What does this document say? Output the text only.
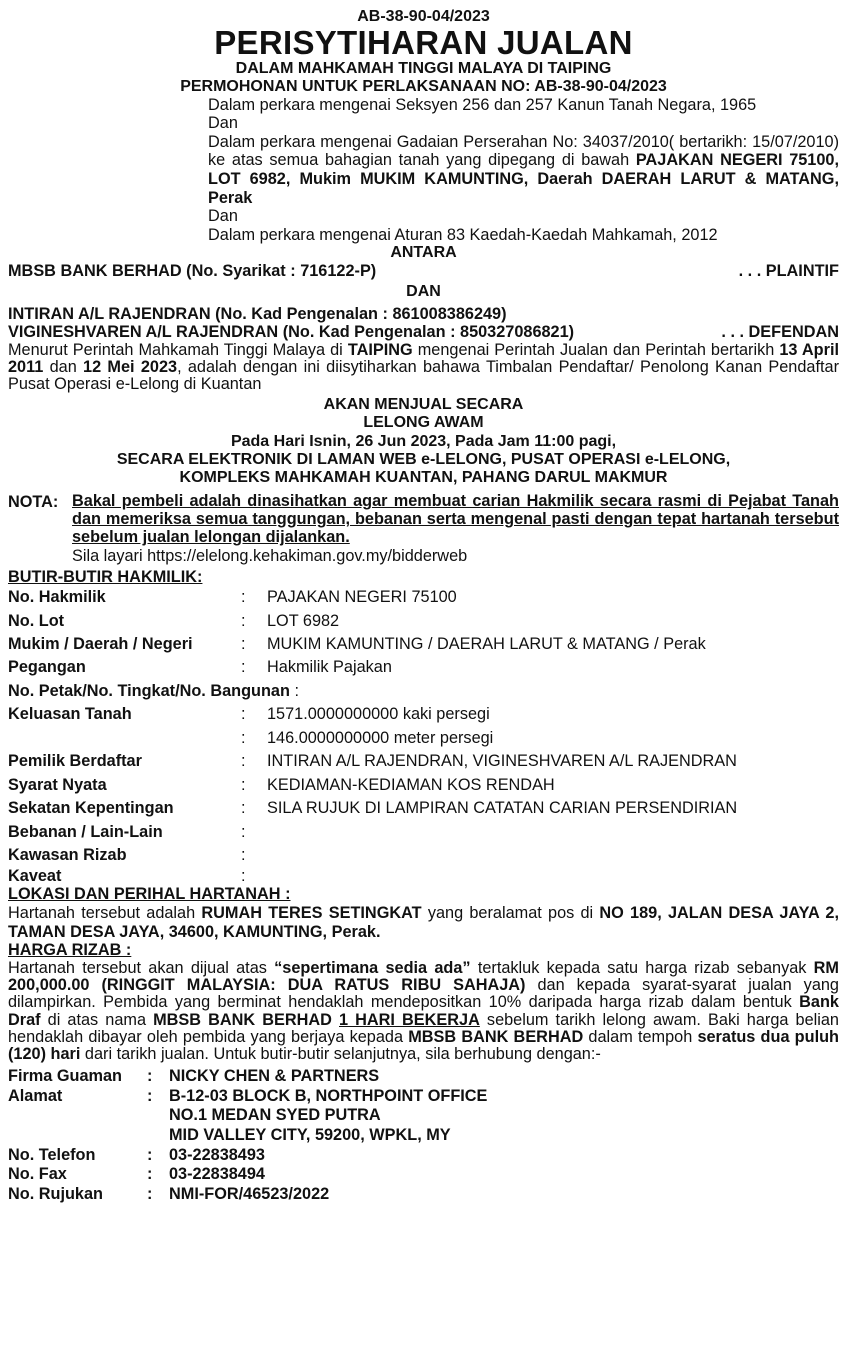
AB-38-90-04/2023
PERISYTIHARAN JUALAN
DALAM MAHKAMAH TINGGI MALAYA DI TAIPING
PERMOHONAN UNTUK PERLAKSANAAN NO: AB-38-90-04/2023
Dalam perkara mengenai Seksyen 256 dan 257 Kanun Tanah Negara, 1965
Dan
Dalam perkara mengenai Gadaian Perserahan No: 34037/2010( bertarikh: 15/07/2010) ke atas semua bahagian tanah yang dipegang di bawah PAJAKAN NEGERI 75100, LOT 6982, Mukim MUKIM KAMUNTING, Daerah DAERAH LARUT & MATANG, Perak
Dan
Dalam perkara mengenai Aturan 83 Kaedah-Kaedah Mahkamah, 2012
ANTARA
MBSB BANK BERHAD (No. Syarikat : 716122-P)	. . . PLAINTIF
DAN
INTIRAN A/L RAJENDRAN (No. Kad Pengenalan : 861008386249)
VIGINESHVAREN A/L RAJENDRAN (No. Kad Pengenalan : 850327086821)	. . . DEFENDAN
Menurut Perintah Mahkamah Tinggi Malaya di TAIPING mengenai Perintah Jualan dan Perintah bertarikh 13 April 2011 dan 12 Mei 2023, adalah dengan ini diisytiharkan bahawa Timbalan Pendaftar/ Penolong Kanan Pendaftar Pusat Operasi e-Lelong di Kuantan
AKAN MENJUAL SECARA
LELONG AWAM
Pada Hari Isnin, 26 Jun 2023, Pada Jam 11:00 pagi,
SECARA ELEKTRONIK DI LAMAN WEB e-LELONG, PUSAT OPERASI e-LELONG,
KOMPLEKS MAHKAMAH KUANTAN, PAHANG DARUL MAKMUR
NOTA: Bakal pembeli adalah dinasihatkan agar membuat carian Hakmilik secara rasmi di Pejabat Tanah dan memeriksa semua tanggungan, bebanan serta mengenal pasti dengan tepat hartanah tersebut sebelum jualan lelongan dijalankan.
Sila layari https://elelong.kehakiman.gov.my/bidderweb
BUTIR-BUTIR HAKMILIK:
No. Hakmilik	:	PAJAKAN NEGERI 75100
No. Lot	:	LOT 6982
Mukim / Daerah / Negeri	:	MUKIM KAMUNTING / DAERAH LARUT & MATANG / Perak
Pegangan	:	Hakmilik Pajakan
No. Petak/No. Tingkat/No. Bangunan :		
Keluasan Tanah	:	1571.0000000000 kaki persegi
	:	146.0000000000 meter persegi
Pemilik Berdaftar	:	INTIRAN A/L RAJENDRAN, VIGINESHVAREN A/L RAJENDRAN
Syarat Nyata	:	KEDIAMAN-KEDIAMAN KOS RENDAH
Sekatan Kepentingan	:	SILA RUJUK DI LAMPIRAN CATATAN CARIAN PERSENDIRIAN
Bebanan / Lain-Lain	:	
Kawasan Rizab	:	
Kaveat	:	
LOKASI DAN PERIHAL HARTANAH :
Hartanah tersebut adalah RUMAH TERES SETINGKAT yang beralamat pos di NO 189, JALAN DESA JAYA 2, TAMAN DESA JAYA, 34600, KAMUNTING, Perak.
HARGA RIZAB :
Hartanah tersebut akan dijual atas “sepertimana sedia ada” tertakluk kepada satu harga rizab sebanyak RM 200,000.00 (RINGGIT MALAYSIA: DUA RATUS RIBU SAHAJA) dan kepada syarat-syarat jualan yang dilampirkan. Pembida yang berminat hendaklah mendepositkan 10% daripada harga rizab dalam bentuk Bank Draf di atas nama MBSB BANK BERHAD 1 HARI BEKERJA sebelum tarikh lelong awam. Baki harga belian hendaklah dibayar oleh pembida yang berjaya kepada MBSB BANK BERHAD dalam tempoh seratus dua puluh (120) hari dari tarikh jualan. Untuk butir-butir selanjutnya, sila berhubung dengan:-
Firma Guaman	:	NICKY CHEN & PARTNERS
Alamat	:	B-12-03 BLOCK B, NORTHPOINT OFFICE
NO.1 MEDAN SYED PUTRA
MID VALLEY CITY, 59200, WPKL, MY

No. Telefon	:	03-22838493
No. Fax	:	03-22838494
No. Rujukan	:	NMI-FOR/46523/2022
